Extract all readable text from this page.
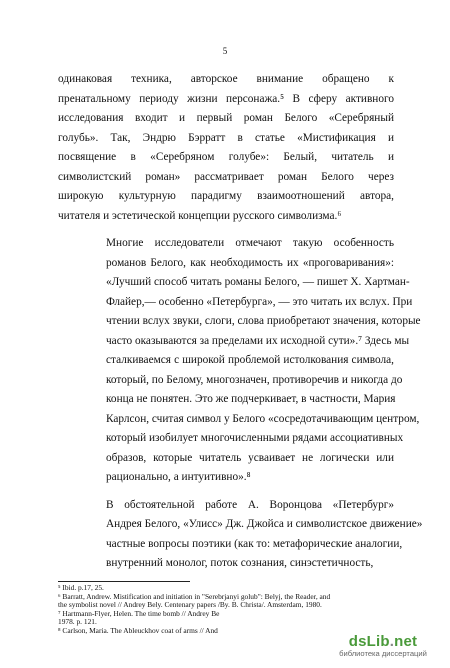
5
одинаковая техника, авторское внимание обращено к
пренатальному периоду жизни персонажа.⁵ В сферу активного
исследования входит и первый роман Белого «Серебряный
голубь». Так, Эндрю Бэрратт в статье «Мистификация и
посвящение в «Серебряном голубе»: Белый, читатель и
символистский роман» рассматривает роман Белого через
широкую культурную парадигму взаимоотношений автора,
читателя и эстетической концепции русского символизма.⁶
Многие исследователи отмечают такую особенность
романов Белого, как необходимость их «проговаривания»:
«Лучший способ читать романы Белого, — пишет Х. Хартман-
Флайер,— особенно «Петербурга», — это читать их вслух. При
чтении вслух звуки, слоги, слова приобретают значения, которые
часто оказываются за пределами их исходной сути».⁷ Здесь мы
сталкиваемся с широкой проблемой истолкования символа,
который, по Белому, многозначен, противоречив и никогда до
конца не понятен. Это же подчеркивает, в частности, Мария
Карлсон, считая символ у Белого «сосредотачивающим центром,
который изобилует многочисленными рядами ассоциативных
образов, которые читатель усваивает не логически или
рационально, а интуитивно».⁸
В обстоятельной работе А. Воронцова «Петербург»
Андрея Белого, «Улисс» Дж. Джойса и символистское движение»
частные вопросы поэтики (как то: метафорические аналогии,
внутренний монолог, поток сознания, синэстетичность,
⁵ Ibid. p.17, 25.
⁶ Barratt, Andrew. Mistification and initiation in "Serebrjanyi golub": Belyj, the Reader, and
the symbolist novel // Andrey Bely. Centenary papers /By. B. Christa/. Amsterdam, 1980.
⁷ Hartmann-Flyer, Helen. The time bomb // Andrey Be
1978. p. 121.
⁸ Carlson, Maria. The Ableuckhov coat of arms // And
dsLib.net
библиотека диссертаций
